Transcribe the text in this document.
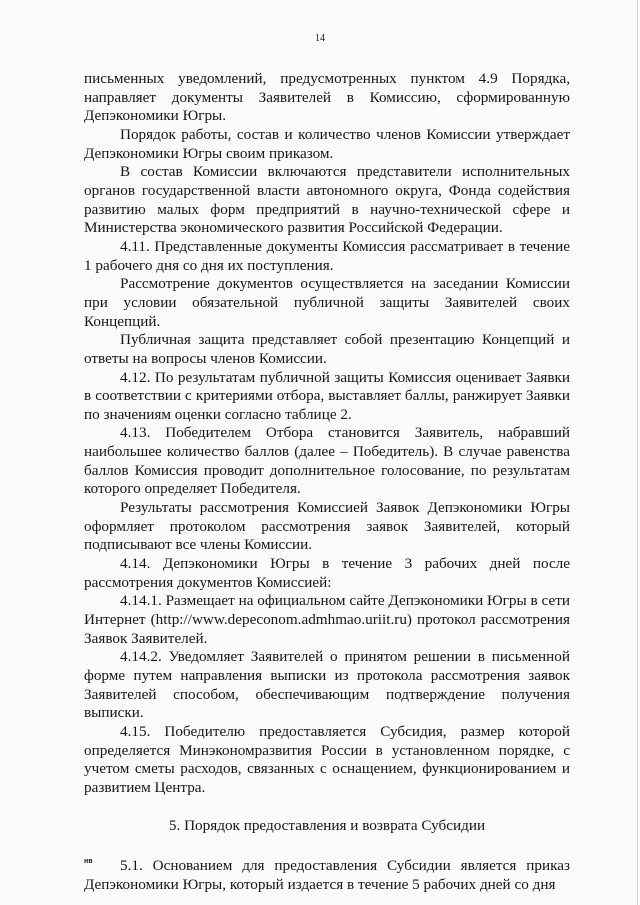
14

письменных уведомлений, предусмотренных пунктом 4.9 Порядка, направляет документы Заявителей в Комиссию, сформированную Депэкономики Югры.

Порядок работы, состав и количество членов Комиссии утверждает Депэкономики Югры своим приказом.

В состав Комиссии включаются представители исполнительных органов государственной власти автономного округа, Фонда содействия развитию малых форм предприятий в научно-технической сфере и Министерства экономического развития Российской Федерации.

4.11. Представленные документы Комиссия рассматривает в течение 1 рабочего дня со дня их поступления.

Рассмотрение документов осуществляется на заседании Комиссии при условии обязательной публичной защиты Заявителей своих Концепций.

Публичная защита представляет собой презентацию Концепций и ответы на вопросы членов Комиссии.

4.12. По результатам публичной защиты Комиссия оценивает Заявки в соответствии с критериями отбора, выставляет баллы, ранжирует Заявки по значениям оценки согласно таблице 2.

4.13. Победителем Отбора становится Заявитель, набравший наибольшее количество баллов (далее – Победитель). В случае равенства баллов Комиссия проводит дополнительное голосование, по результатам которого определяет Победителя.

Результаты рассмотрения Комиссией Заявок Депэкономики Югры оформляет протоколом рассмотрения заявок Заявителей, который подписывают все члены Комиссии.

4.14. Депэкономики Югры в течение 3 рабочих дней после рассмотрения документов Комиссией:

4.14.1. Размещает на официальном сайте Депэкономики Югры в сети Интернет (http://www.depeconom.admhmao.uriit.ru) протокол рассмотрения Заявок Заявителей.

4.14.2. Уведомляет Заявителей о принятом решении в письменной форме путем направления выписки из протокола рассмотрения заявок Заявителей способом, обеспечивающим подтверждение получения выписки.

4.15. Победителю предоставляется Субсидия, размер которой определяется Минэкономразвития России в установленном порядке, с учетом сметы расходов, связанных с оснащением, функционированием и развитием Центра.

5. Порядок предоставления и возврата Субсидии

5.1. Основанием для предоставления Субсидии является приказ Депэкономики Югры, который издается в течение 5 рабочих дней со дня

нв
